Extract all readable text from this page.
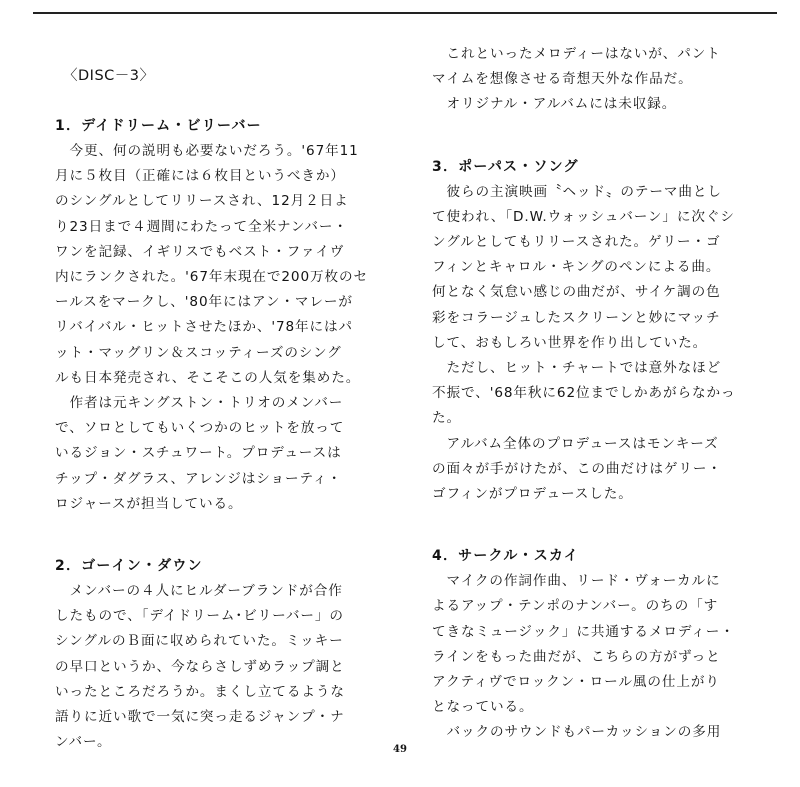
〈DISC－3〉
1．デイドリーム・ビリーバー

　今更、何の説明も必要ないだろう。'67年11
月に５枚目（正確には６枚目というべきか）
のシングルとしてリリースされ、12月２日よ
り23日まで４週間にわたって全米ナンバー・
ワンを記録、イギリスでもベスト・ファイヴ
内にランクされた。'67年末現在で200万枚のセ
ールスをマークし、'80年にはアン・マレーが
リバイバル・ヒットさせたほか、'78年にはパ
ット・マッグリン＆スコッティーズのシング
ルも日本発売され、そこそこの人気を集めた。

　作者は元キングストン・トリオのメンバー
で、ソロとしてもいくつかのヒットを放って
いるジョン・スチュワート。プロデュースは
チップ・ダグラス、アレンジはショーティ・
ロジャースが担当している。

2．ゴーイン・ダウン

　メンバーの４人にヒルダーブランドが合作
したもので、「デイドリーム･ビリーバー」の
シングルのＢ面に収められていた。ミッキー
の早口というか、今ならさしずめラップ調と
いったところだろうか。まくし立てるような
語りに近い歌で一気に突っ走るジャンプ・ナ
ンバー。

　これといったメロディーはないが、パント
マイムを想像させる奇想天外な作品だ。

　オリジナル・アルバムには未収録。

3．ポーパス・ソング

　彼らの主演映画〝ヘッド〟のテーマ曲とし
て使われ、「D.W.ウォッシュバーン」に次ぐシ
ングルとしてもリリースされた。ゲリー・ゴ
フィンとキャロル・キングのペンによる曲。
何となく気怠い感じの曲だが、サイケ調の色
彩をコラージュしたスクリーンと妙にマッチ
して、おもしろい世界を作り出していた。

　ただし、ヒット・チャートでは意外なほど
不振で、'68年秋に62位までしかあがらなかっ
た。

　アルバム全体のプロデュースはモンキーズ
の面々が手がけたが、この曲だけはゲリー・
ゴフィンがプロデュースした。

4．サークル・スカイ

　マイクの作詞作曲、リード・ヴォーカルに
よるアップ・テンポのナンバー。のちの「す
てきなミュージック」に共通するメロディー・
ラインをもった曲だが、こちらの方がずっと
アクティヴでロックン・ロール風の仕上がり
となっている。

　バックのサウンドもパーカッションの多用

49
